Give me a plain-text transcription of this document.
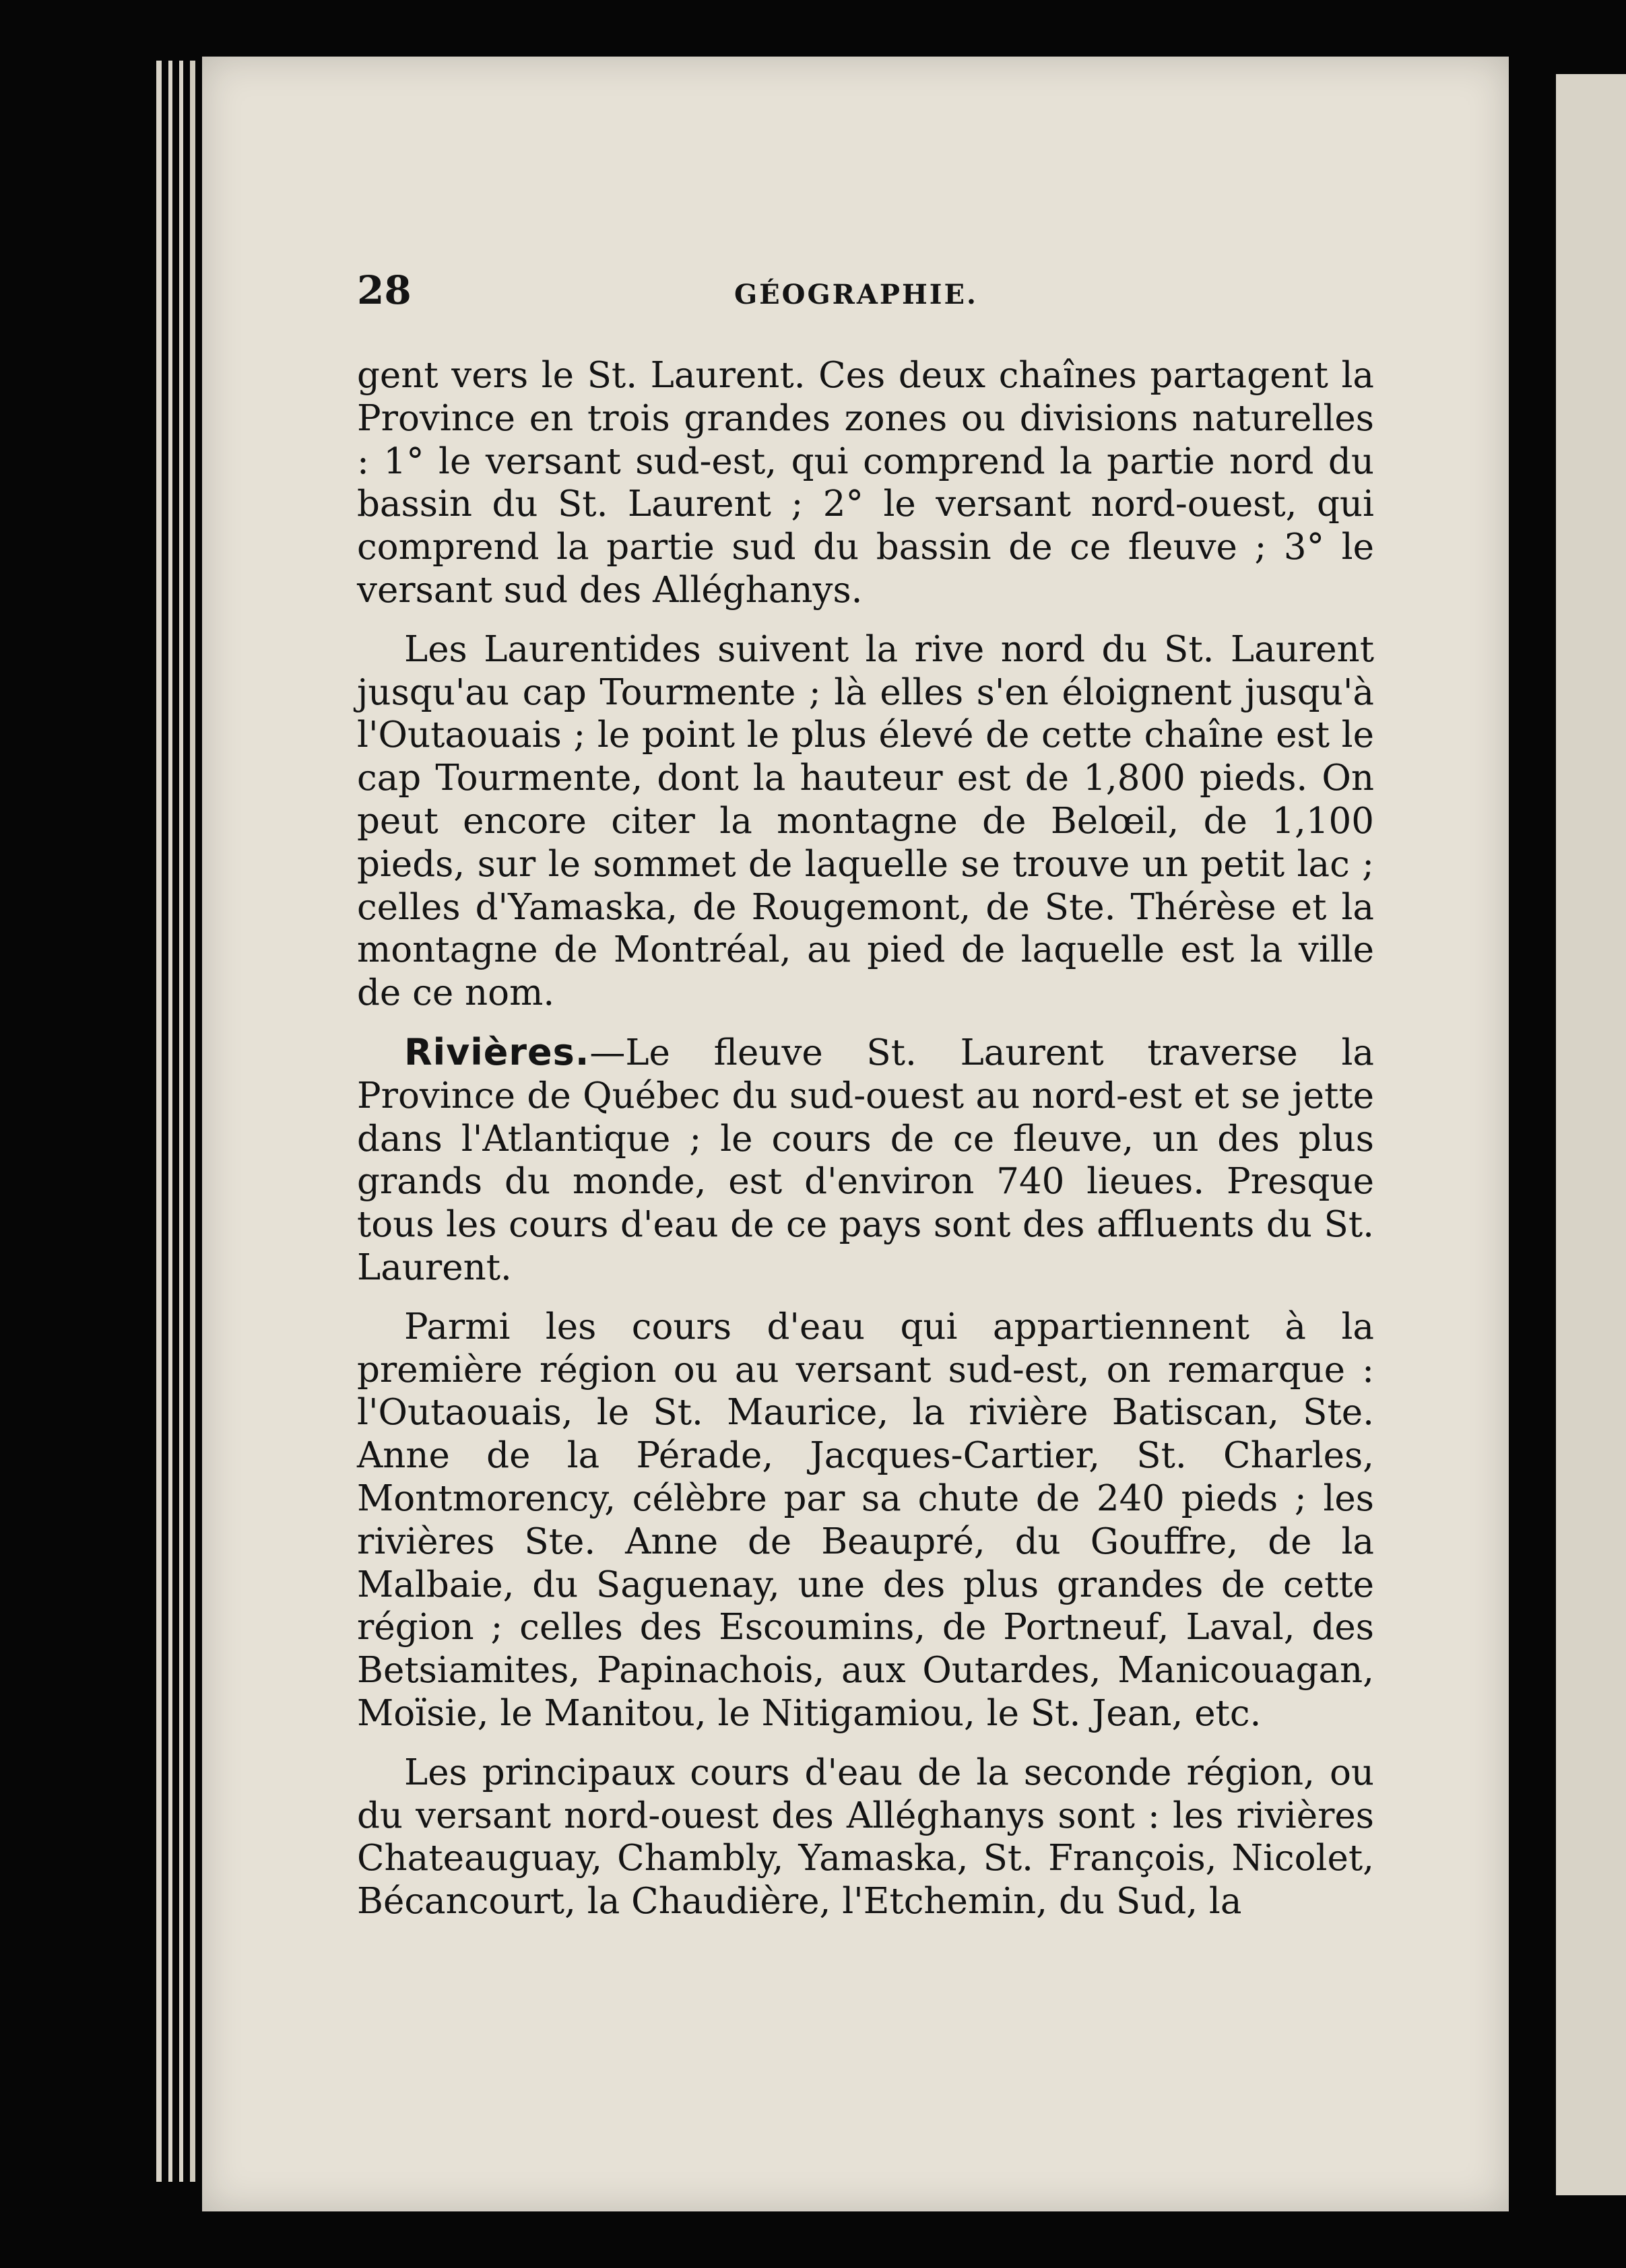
28	GÉOGRAPHIE.

gent vers le St. Laurent. Ces deux chaînes partagent la Province en trois grandes zones ou divisions naturelles : 1° le versant sud-est, qui comprend la partie nord du bassin du St. Laurent ; 2° le versant nord-ouest, qui comprend la partie sud du bassin de ce fleuve ; 3° le versant sud des Alléghanys.

Les Laurentides suivent la rive nord du St. Laurent jusqu'au cap Tourmente ; là elles s'en éloignent jusqu'à l'Outaouais ; le point le plus élevé de cette chaîne est le cap Tourmente, dont la hauteur est de 1,800 pieds. On peut encore citer la montagne de Belœil, de 1,100 pieds, sur le sommet de laquelle se trouve un petit lac ; celles d'Yamaska, de Rougemont, de Ste. Thérèse et la montagne de Montréal, au pied de laquelle est la ville de ce nom.

Rivières.—Le fleuve St. Laurent traverse la Province de Québec du sud-ouest au nord-est et se jette dans l'Atlantique ; le cours de ce fleuve, un des plus grands du monde, est d'environ 740 lieues. Presque tous les cours d'eau de ce pays sont des affluents du St. Laurent.

Parmi les cours d'eau qui appartiennent à la première région ou au versant sud-est, on remarque : l'Outaouais, le St. Maurice, la rivière Batiscan, Ste. Anne de la Pérade, Jacques-Cartier, St. Charles, Montmorency, célèbre par sa chute de 240 pieds ; les rivières Ste. Anne de Beaupré, du Gouffre, de la Malbaie, du Saguenay, une des plus grandes de cette région ; celles des Escoumins, de Portneuf, Laval, des Betsiamites, Papinachois, aux Outardes, Manicouagan, Moïsie, le Manitou, le Nitigamiou, le St. Jean, etc.

Les principaux cours d'eau de la seconde région, ou du versant nord-ouest des Alléghanys sont : les rivières Chateauguay, Chambly, Yamaska, St. François, Nicolet, Bécancourt, la Chaudière, l'Etchemin, du Sud, la
